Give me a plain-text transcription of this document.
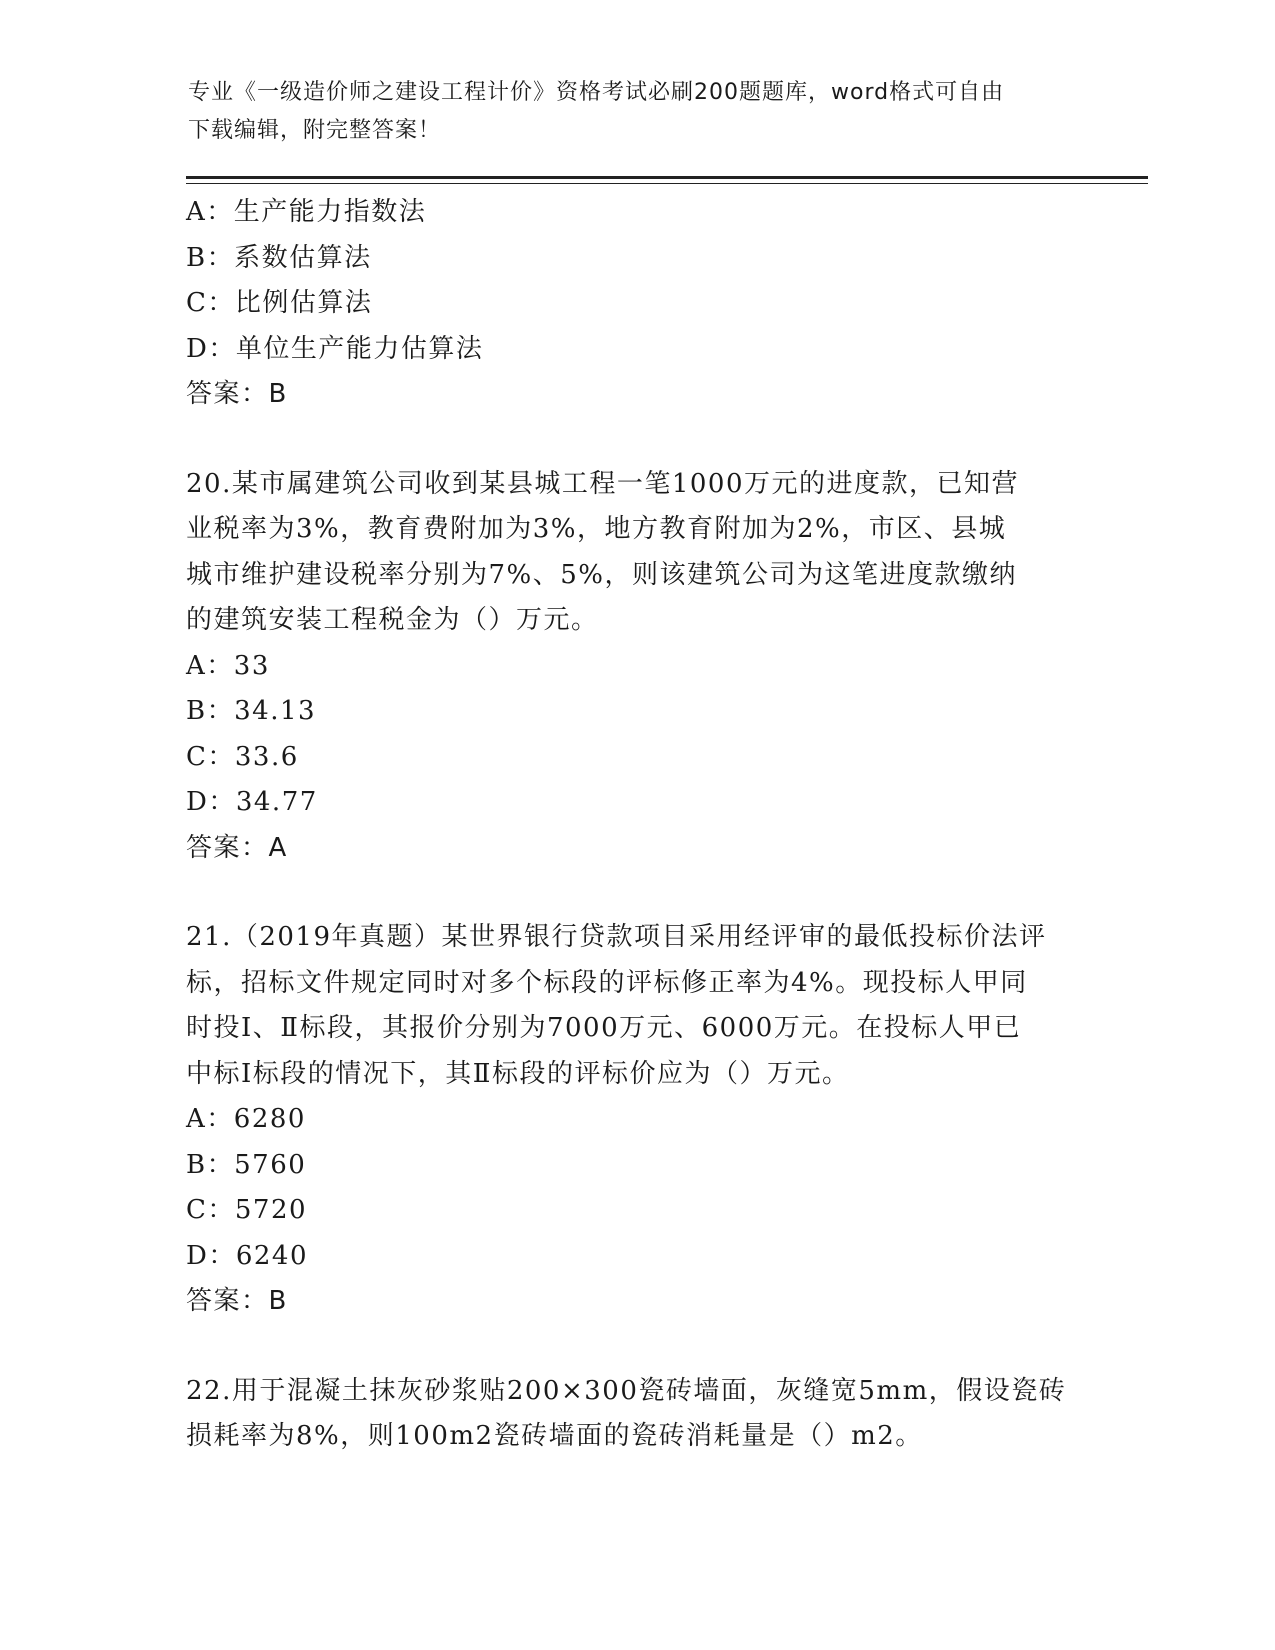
专业《一级造价师之建设工程计价》资格考试必刷200题题库，word格式可自由
下载编辑，附完整答案！
A：生产能力指数法
B：系数估算法
C：比例估算法
D：单位生产能力估算法
答案：B
20.某市属建筑公司收到某县城工程一笔1000万元的进度款，已知营
业税率为3%，教育费附加为3%，地方教育附加为2%，市区、县城
城市维护建设税率分别为7%、5%，则该建筑公司为这笔进度款缴纳
的建筑安装工程税金为（）万元。
A：33
B：34.13
C：33.6
D：34.77
答案：A
21.（2019年真题）某世界银行贷款项目采用经评审的最低投标价法评
标，招标文件规定同时对多个标段的评标修正率为4%。现投标人甲同
时投Ⅰ、Ⅱ标段，其报价分别为7000万元、6000万元。在投标人甲已
中标Ⅰ标段的情况下，其Ⅱ标段的评标价应为（）万元。
A：6280
B：5760
C：5720
D：6240
答案：B
22.用于混凝土抹灰砂浆贴200×300瓷砖墙面，灰缝宽5mm，假设瓷砖
损耗率为8%，则100m2瓷砖墙面的瓷砖消耗量是（）m2。
